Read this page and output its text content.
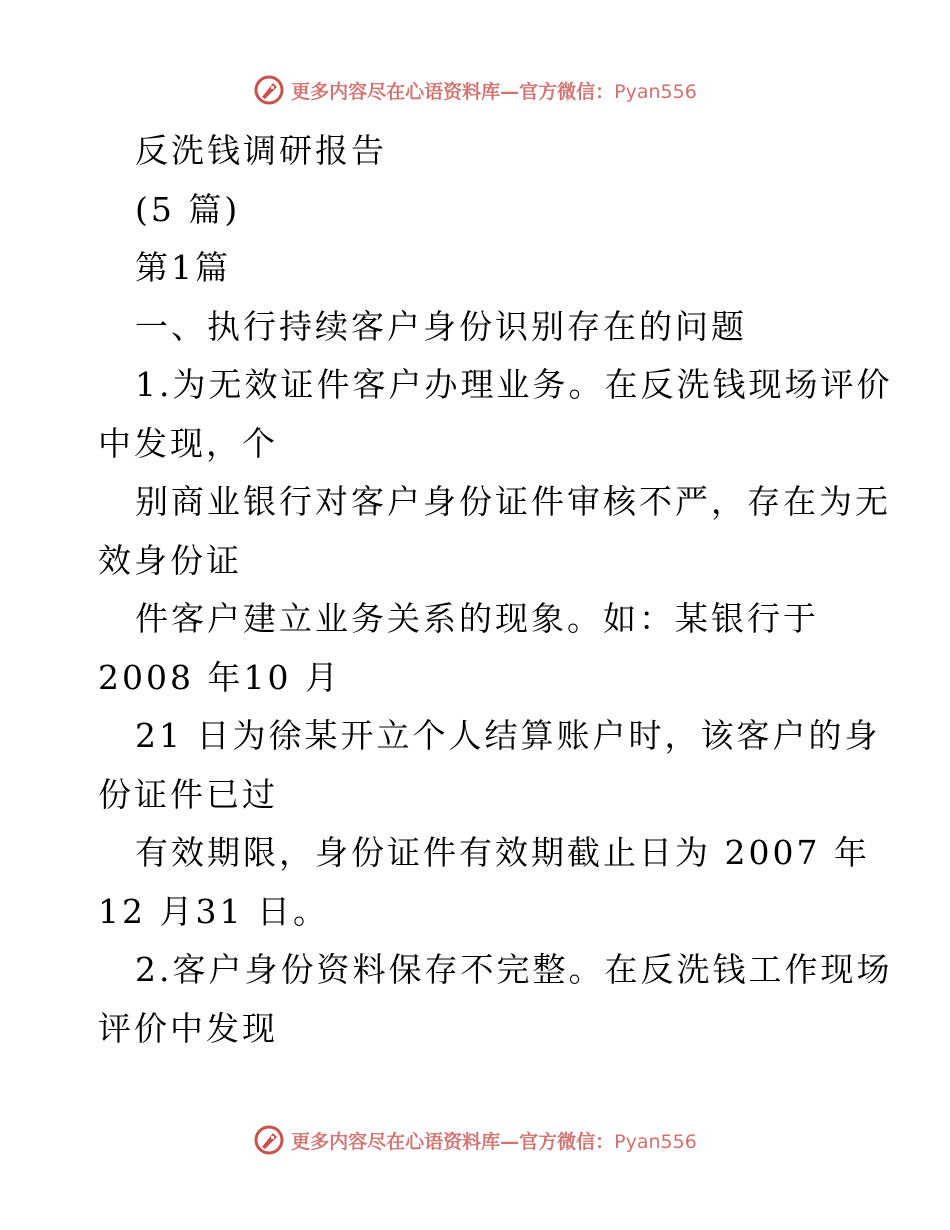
更多内容尽在心语资料库—官方微信：Pyan556
反洗钱调研报告
(5 篇)
第1篇
一、执行持续客户身份识别存在的问题
1.为无效证件客户办理业务。在反洗钱现场评价
中发现，个
别商业银行对客户身份证件审核不严，存在为无
效身份证
件客户建立业务关系的现象。如：某银行于
2008 年10 月
21 日为徐某开立个人结算账户时，该客户的身
份证件已过
有效期限，身份证件有效期截止日为 2007 年
12 月31 日。
2.客户身份资料保存不完整。在反洗钱工作现场
评价中发现
更多内容尽在心语资料库—官方微信：Pyan556
